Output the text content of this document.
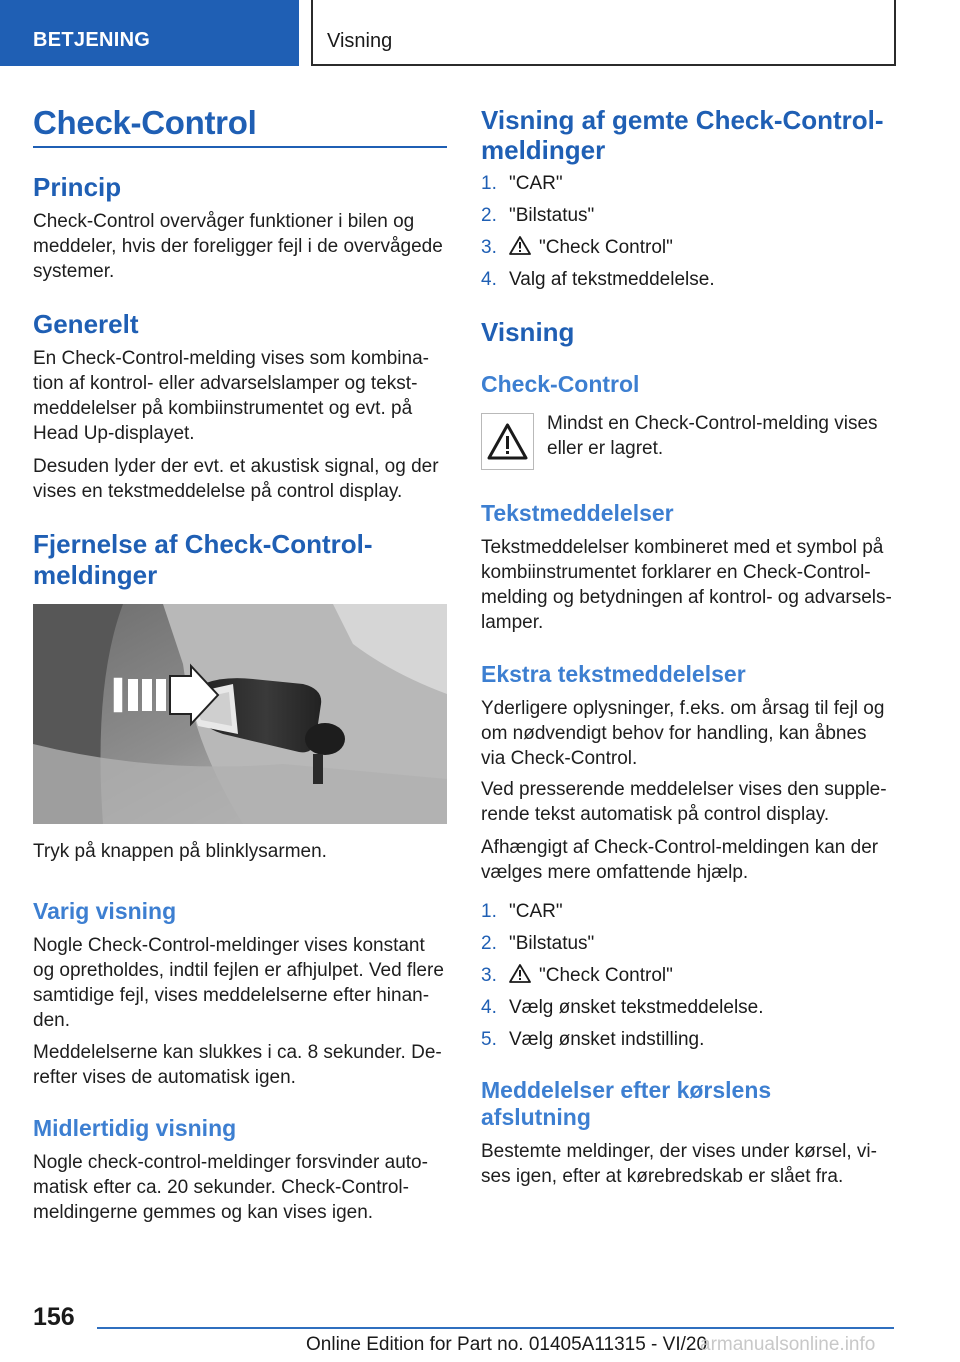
BETJENING	Visning
Check-Control
Princip

Check-Control overvåger funktioner i bilen og meddeler, hvis der foreligger fejl i de overvågede systemer.

Generelt

En Check-Control-melding vises som kombination af kontrol- eller advarselslamper og tekstmeddelelser på kombiinstrumentet og evt. på Head Up-displayet.

Desuden lyder der evt. et akustisk signal, og der vises en tekstmeddelelse på control display.

Fjernelse af Check-Control-meldinger

Tryk på knappen på blinklysarmen.

Varig visning

Nogle Check-Control-meldinger vises konstant og opretholdes, indtil fejlen er afhjulpet. Ved flere samtidige fejl, vises meddelelserne efter hinanden.

Meddelelserne kan slukkes i ca. 8 sekunder. Derefter vises de automatisk igen.

Midlertidig visning

Nogle check-control-meldinger forsvinder automatisk efter ca. 20 sekunder. Check-Control-meldingerne gemmes og kan vises igen.

Visning af gemte Check-Control-meldinger
1. "CAR"
2. "Bilstatus"
3.	"Check Control"
4. Valg af tekstmeddelelse.
Visning
Check-Control

Mindst en Check-Control-melding vises eller er lagret.

Tekstmeddelelser

Tekstmeddelelser kombineret med et symbol på kombiinstrumentet forklarer en Check-Control-melding og betydningen af kontrol- og advarselslamper.

Ekstra tekstmeddelelser

Yderligere oplysninger, f.eks. om årsag til fejl og om nødvendigt behov for handling, kan åbnes via Check-Control.

Ved presserende meddelelser vises den supplerende tekst automatisk på control display.

Afhængigt af Check-Control-meldingen kan der vælges mere omfattende hjælp.

1. "CAR"
2. "Bilstatus"
3.	"Check Control"
4. Vælg ønsket tekstmeddelelse.
5. Vælg ønsket indstilling.
Meddelelser efter kørslens afslutning

Bestemte meldinger, der vises under kørsel, vises igen, efter at kørebredskab er slået fra.

156
Online Edition for Part no. 01405A11315 - VI/20
armanualsonline.info
